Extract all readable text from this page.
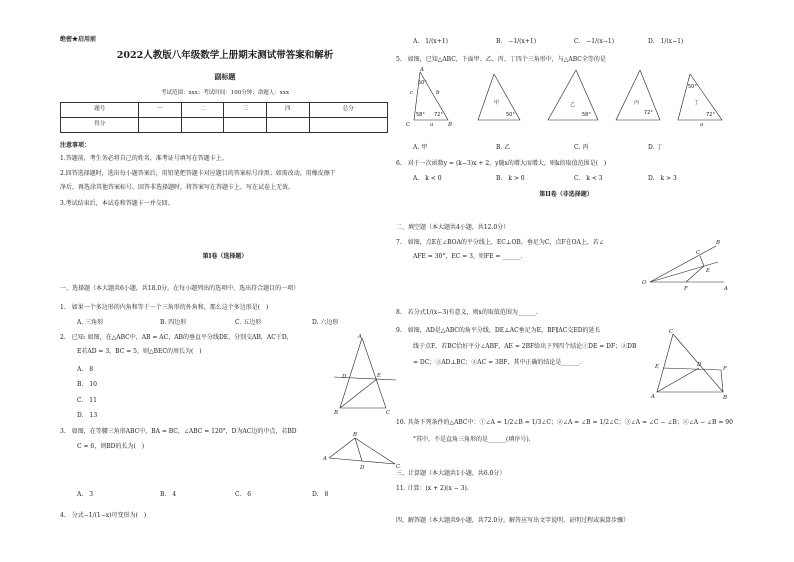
绝密★启用前
2022人教版八年级数学上册期末测试带答案和解析
副标题
考试范围：xxx；考试时间：100分钟；命题人：xxx
题号	一	二	三	四	总分
得分					
注意事项：
1.答题前，考生务必将自己的姓名、准考证号填写在答题卡上。
2.回答选择题时，选出每小题答案后，用铅笔把答题卡对应题目的答案标号涂黑；如需改动，用橡皮擦干
净后，再选涂其他答案标号。回答非选择题时，将答案写在答题卡上，写在试卷上无效。
3.考试结束后，本试卷和答题卡一并交回。
第I卷（选择题）
一、选择题（本大题共6小题，共18.0分。在每小题列出的选项中，选出符合题目的一项）
1.　如果一个多边形的内角和等于一个三角形的外角和，那么这个多边形是(　)
A. 三角形	B. 四边形	C. 五边形	D. 六边形
2.　已知: 如图，在△ABC中，AB = AC，AB的垂直平分线DE，分别交AB，AC于D，
E若AD = 3，BC = 5，则△BEC的周长为(　)
A.　8
B.　10
C.　11
D.　13
A
D	E
B	C
3.　如图，在等腰三角形ABC中，BA = BC，∠ABC = 120°，D为AC边的中点，若BD
C = 6，则BD的长为(　)
B
A
D	C
A.　3	B.　4	C.　6	D.　8
4.　分式−1/(1−x)可变形为(　)
A.　1/(x+1)	B.　−1/(x+1)	C.　−1/(x−1)	D.　1/(x−1)
5.　如图，已知△ABC，下面甲、乙、丙、丁四个三角形中，与△ABC全等的是
A
C	B
c
a
b
58° 72°
50°
甲
50°
乙
58°
丙
72°
丁
72°
50°
a
A. 甲	B. 乙	C. 丙	D. 丁
6.　对于一次函数y = (k−3)x + 2，y随x的增大而增大，则k的取值范围是(　)
A.　k < 0	B.　k > 0	C.　k < 3	D.　k > 3
第II卷（非选择题）
二、填空题（本大题共4小题，共12.0分）
7.　如图，点E在∠BOA的平分线上，EC⊥OB，垂足为C，点F在OA上，若∠
AFE = 30°，EC = 3，则FE = ______.
B
C
E
O
F	A
8.　若分式1/(x−3)有意义，则x的取值范围为______.
9.　如图，AD是△ABC的角平分线，DE⊥AC垂足为E，BF∥AC交ED的延长
线于点F，若BC恰好平分∠ABF，AE = 2BF给出下列四个结论①DE = DF；②DB
= DC；③AD⊥BC；④AC = 3BF，其中正确的结论是______.
C
E	D
F
A	B
10. 具备下列条件的△ABC中：①∠A = 1/2∠B = 1/3∠C；②∠A = ∠B = 1/2∠C；③∠A = ∠C − ∠B；④∠A − ∠B = 90
°其中，不是直角三角形的是______(填序号).
三、计算题（本大题共1小题，共6.0分）
11. 计算：(x + 2)(x − 3).
四、解答题（本大题共9小题，共72.0分。解答应写出文字说明，证明过程或演算步骤）
